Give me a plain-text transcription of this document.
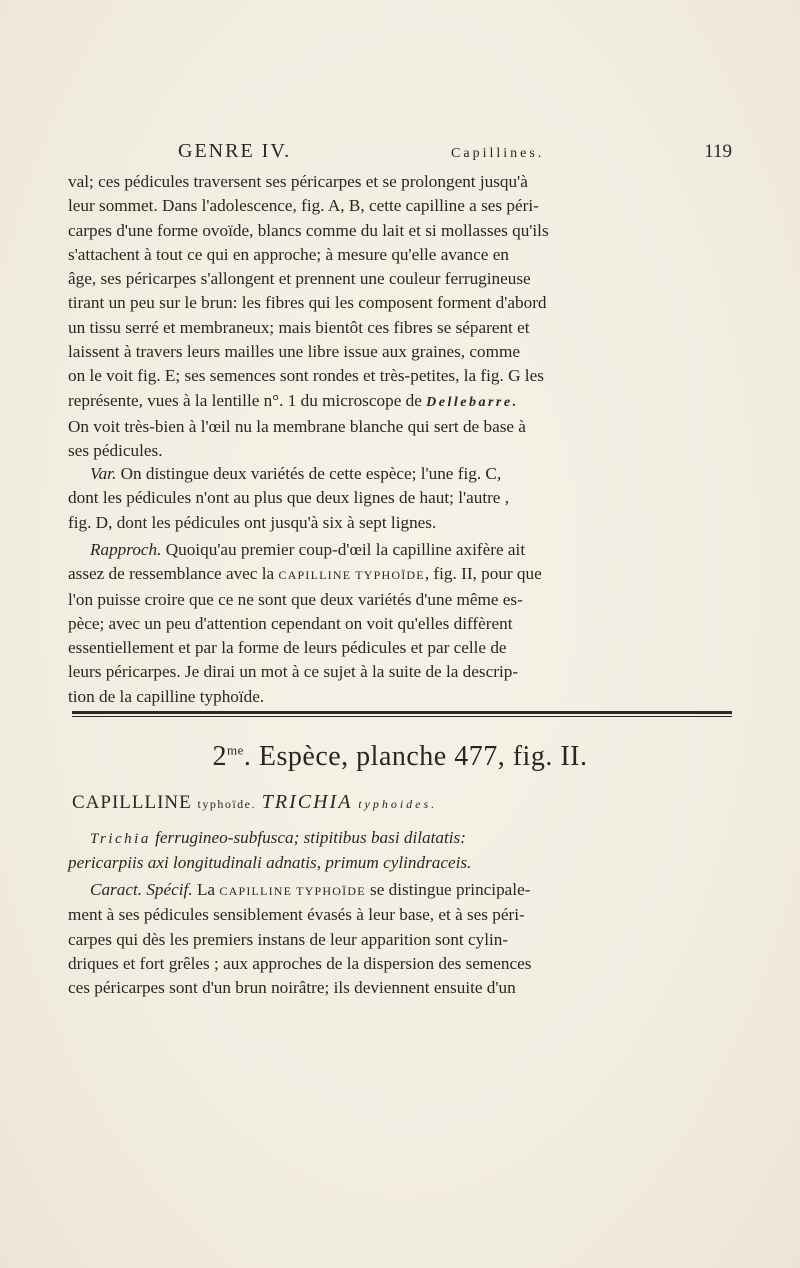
GENRE IV.	Capillines.	119

val; ces pédicules traversent ses péricarpes et se prolongent jusqu'à

leur sommet. Dans l'adolescence, fig. A, B, cette capilline a ses péri-

carpes d'une forme ovoïde, blancs comme du lait et si mollasses qu'ils

s'attachent à tout ce qui en approche; à mesure qu'elle avance en

âge, ses péricarpes s'allongent et prennent une couleur ferrugineuse

tirant un peu sur le brun: les fibres qui les composent forment d'abord

un tissu serré et membraneux; mais bientôt ces fibres se séparent et

laissent à travers leurs mailles une libre issue aux graines, comme

on le voit fig. E; ses semences sont rondes et très-petites, la fig. G les

représente, vues à la lentille n°. 1 du microscope de Dellebarre.

On voit très-bien à l'œil nu la membrane blanche qui sert de base à

ses pédicules.

Var. On distingue deux variétés de cette espèce; l'une fig. C,

dont les pédicules n'ont au plus que deux lignes de haut; l'autre ,

fig. D, dont les pédicules ont jusqu'à six à sept lignes.

Rapproch. Quoiqu'au premier coup-d'œil la capilline axifère ait

assez de ressemblance avec la CAPILLINE TYPHOÏDE, fig. II, pour que

l'on puisse croire que ce ne sont que deux variétés d'une même es-

pèce; avec un peu d'attention cependant on voit qu'elles diffèrent

essentiellement et par la forme de leurs pédicules et par celle de

leurs péricarpes. Je dirai un mot à ce sujet à la suite de la descrip-

tion de la capilline typhoïde.

$2^{me}$. Espèce, planche 477, fig. II.
CAPILLLINE typhoïde. TRICHIA typhoides.

Trichia ferrugineo-subfusca; stipitibus basi dilatatis:

pericarpiis axi longitudinali adnatis, primum cylindraceis.

Caract. Spécif. La CAPILLINE TYPHOÏDE se distingue principale-

ment à ses pédicules sensiblement évasés à leur base, et à ses péri-

carpes qui dès les premiers instans de leur apparition sont cylin-

driques et fort grêles ; aux approches de la dispersion des semences

ces péricarpes sont d'un brun noirâtre; ils deviennent ensuite d'un
